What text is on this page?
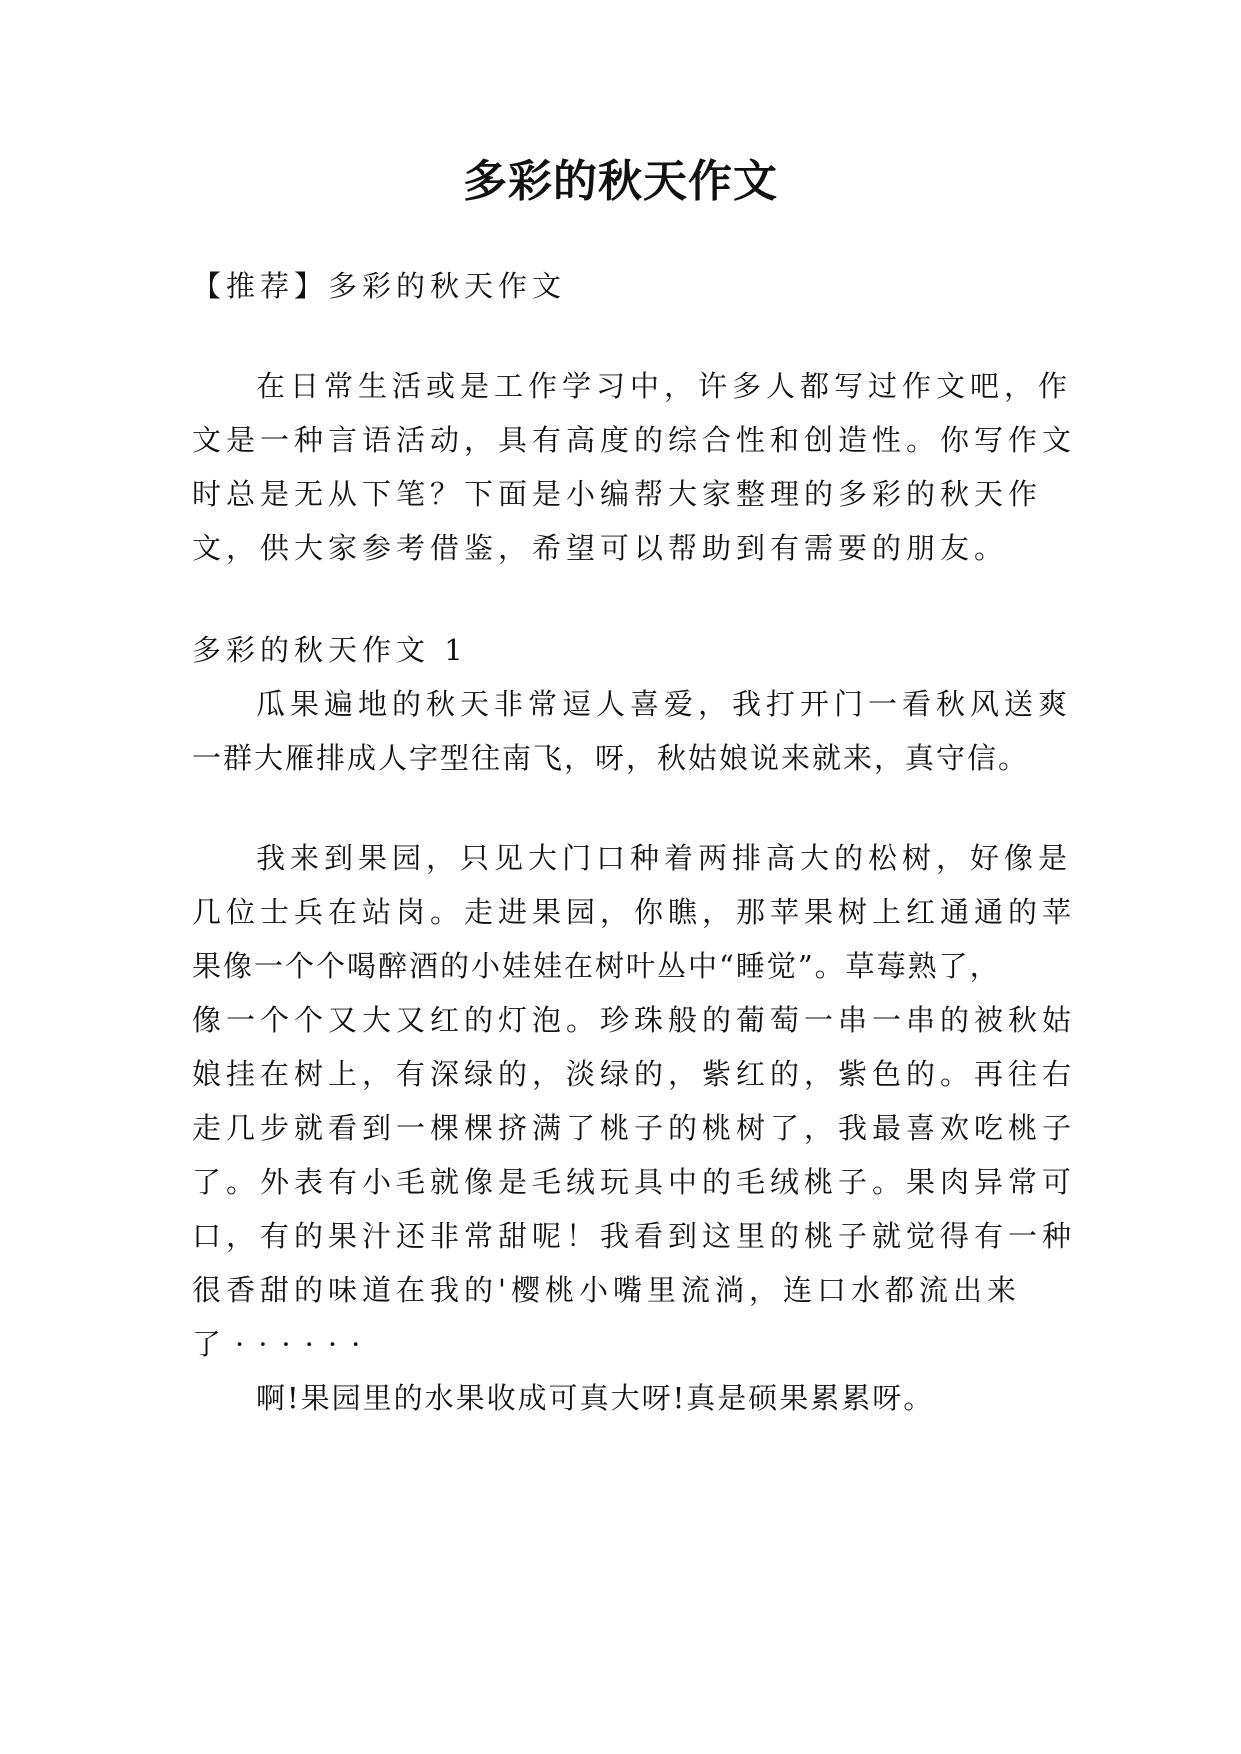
多彩的秋天作文
【推荐】多彩的秋天作文
在日常生活或是工作学习中，许多人都写过作文吧，作
文是一种言语活动，具有高度的综合性和创造性。你写作文
时总是无从下笔？下面是小编帮大家整理的多彩的秋天作
文，供大家参考借鉴，希望可以帮助到有需要的朋友。
多彩的秋天作文 1
瓜果遍地的秋天非常逗人喜爱，我打开门一看秋风送爽
一群大雁排成人字型往南飞，呀，秋姑娘说来就来，真守信。
我来到果园，只见大门口种着两排高大的松树，好像是
几位士兵在站岗。走进果园，你瞧，那苹果树上红通通的苹
果像一个个喝醉酒的小娃娃在树叶丛中“睡觉”。草莓熟了，
像一个个又大又红的灯泡。珍珠般的葡萄一串一串的被秋姑
娘挂在树上，有深绿的，淡绿的，紫红的，紫色的。再往右
走几步就看到一棵棵挤满了桃子的桃树了，我最喜欢吃桃子
了。外表有小毛就像是毛绒玩具中的毛绒桃子。果肉异常可
口，有的果汁还非常甜呢！我看到这里的桃子就觉得有一种
很香甜的味道在我的'樱桃小嘴里流淌，连口水都流出来
了······
啊!果园里的水果收成可真大呀!真是硕果累累呀。
